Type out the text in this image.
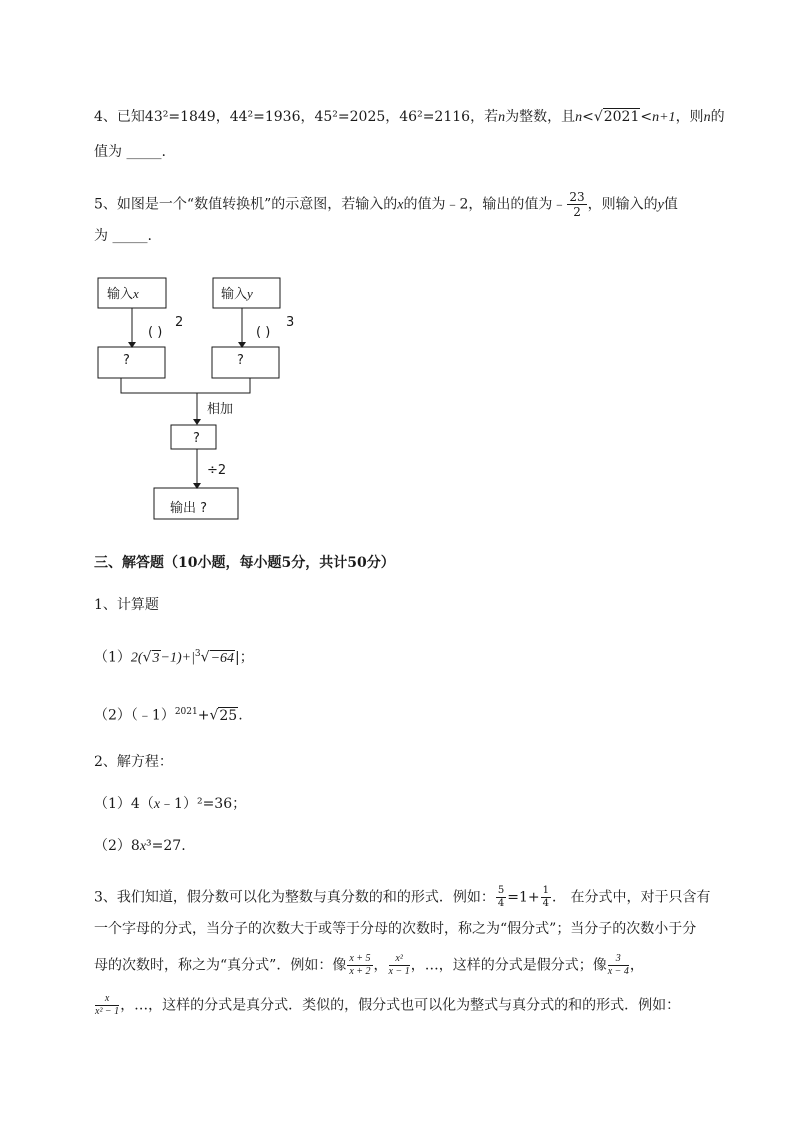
4、已知43²=1849，44²=1936，45²=2025，46²=2116，若n为整数，且n<√2021<n+1，则n的
值为 _____.
5、如图是一个“数值转换机”的示意图，若输入的x的值为﹣2，输出的值为﹣ $\frac{23}{2}$ ，则输入的y值
为 _____.
输入x	输入y
( )
2
( )
3
?	?
相加
?
÷2
输出 ?
三、解答题（10小题，每小题5分，共计50分）
1、计算题
$(1)2(√3-1)+|^3√-64|$；
（2）（﹣1）$^{2021}$+√25.
2、解方程：
（1）4（x﹣1）²=36；
（2）8x³=27.
3、我们知道，假分数可以化为整数与真分数的和的形式．例如： $\frac{5}{4} =1+ \frac{1}{4}$ ． 在分式中，对于只含有
一个字母的分式，当分子的次数大于或等于分母的次数时，称之为“假分式”；当分子的次数小于分
母的次数时，称之为“真分式”．例如：像 $\frac{x + 5}{x + 2}$ ， $\frac{\text{x²}}{x - 1}$ ，…，这样的分式是假分式；像 $\frac{3}{x - 4}$ ，
$\frac{x}{\text{x² − 1}}$ ，…，这样的分式是真分式．类似的，假分式也可以化为整式与真分式的和的形式．例如：
